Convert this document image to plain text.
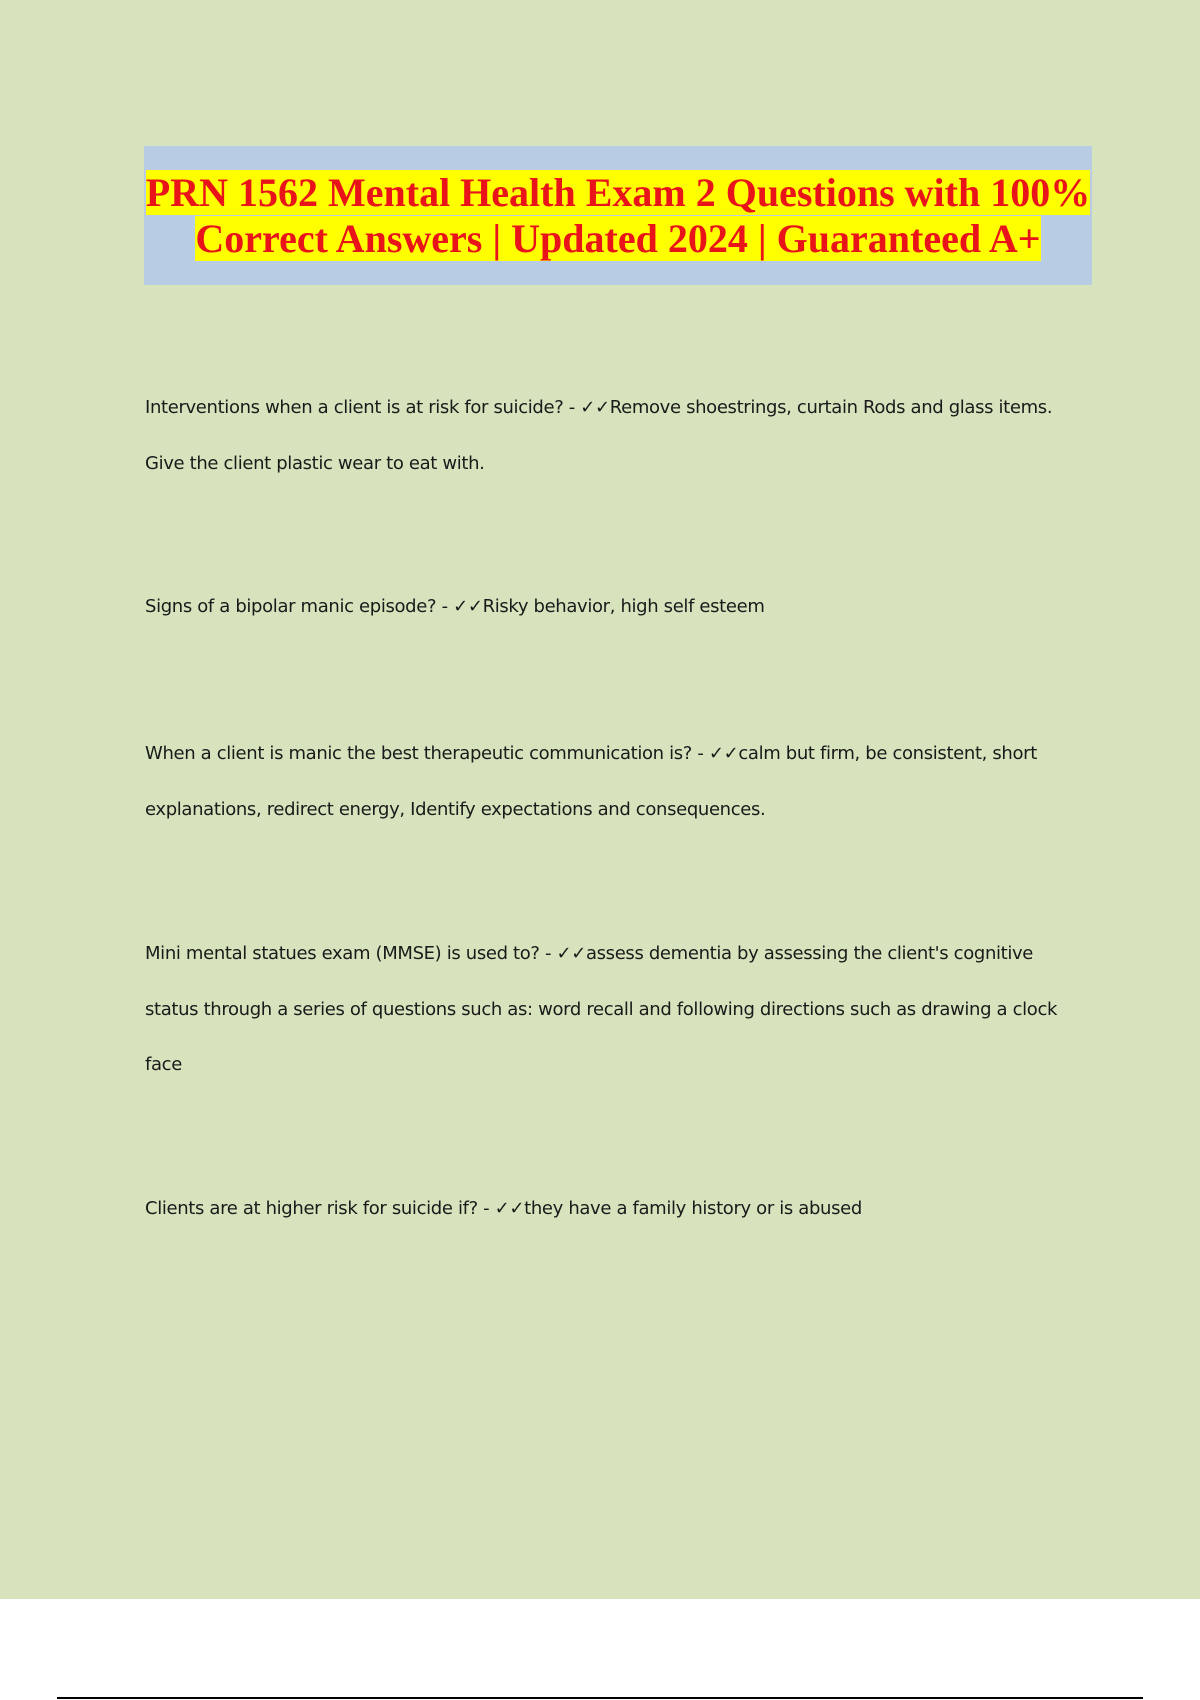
PRN 1562 Mental Health Exam 2 Questions with 100% Correct Answers | Updated 2024 | Guaranteed A+

Interventions when a client is at risk for suicide? - ✓✓Remove shoestrings, curtain Rods and glass items. Give the client plastic wear to eat with.

Signs of a bipolar manic episode? - ✓✓Risky behavior, high self esteem

When a client is manic the best therapeutic communication is? - ✓✓calm but firm, be consistent, short explanations, redirect energy, Identify expectations and consequences.

Mini mental statues exam (MMSE) is used to? - ✓✓assess dementia by assessing the client's cognitive status through a series of questions such as: word recall and following directions such as drawing a clock face

Clients are at higher risk for suicide if? - ✓✓they have a family history or is abused
